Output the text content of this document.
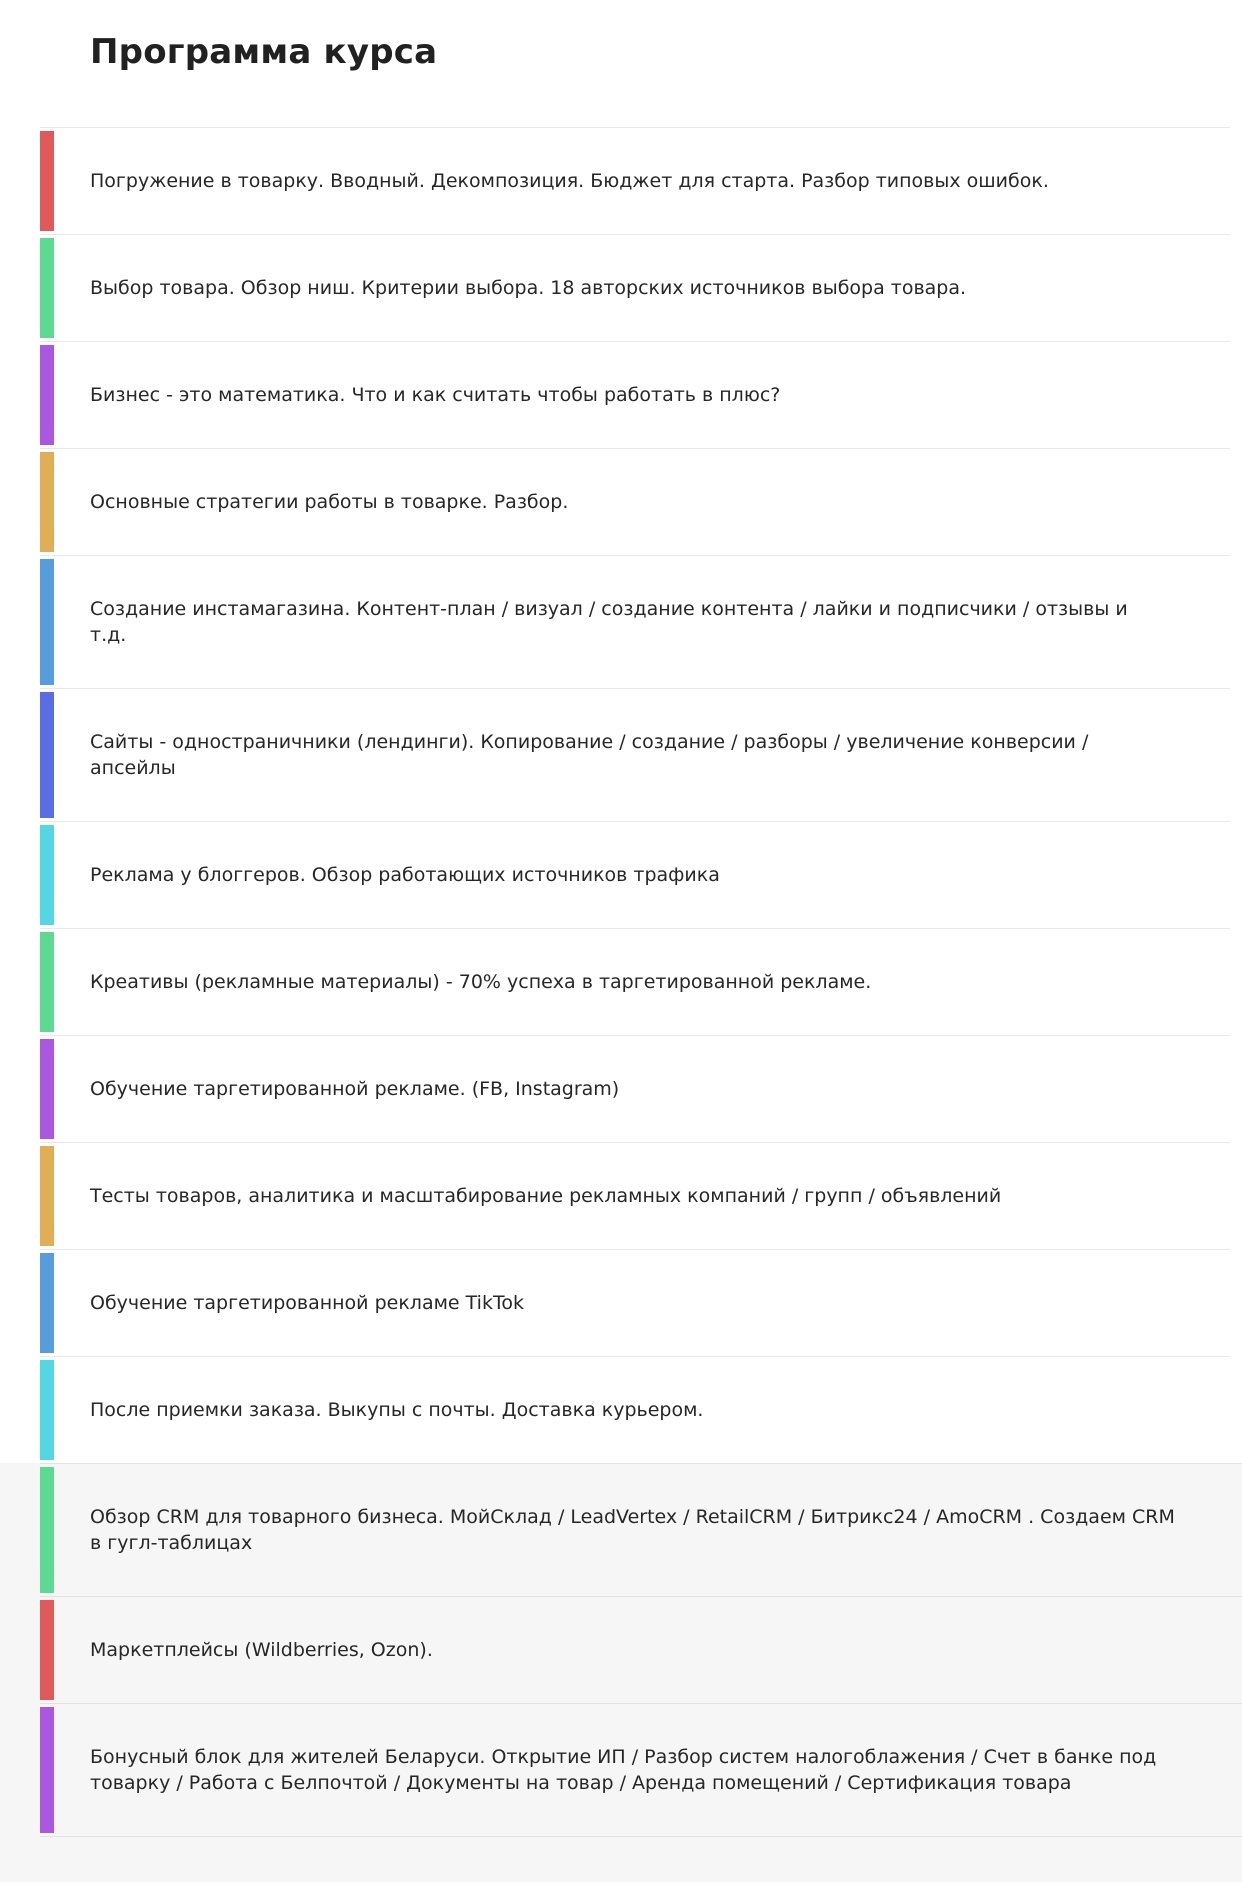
Программа курса
Погружение в товарку. Вводный. Декомпозиция. Бюджет для старта. Разбор типовых ошибок.
Выбор товара. Обзор ниш. Критерии выбора. 18 авторских источников выбора товара.
Бизнес - это математика. Что и как считать чтобы работать в плюс?
Основные стратегии работы в товарке. Разбор.
Создание инстамагазина. Контент-план / визуал / создание контента / лайки и подписчики / отзывы и т.д.
Сайты - одностраничники (лендинги). Копирование / создание / разборы / увеличение конверсии / апсейлы
Реклама у блоггеров. Обзор работающих источников трафика
Креативы (рекламные материалы) - 70% успеха в таргетированной рекламе.
Обучение таргетированной рекламе. (FB, Instagram)
Тесты товаров, аналитика и масштабирование рекламных компаний / групп / объявлений
Обучение таргетированной рекламе TikTok
После приемки заказа. Выкупы с почты. Доставка курьером.
Обзор CRM для товарного бизнеса. МойСклад / LeadVertex / RetailCRM / Битрикс24 / AmoCRM . Создаем CRM в гугл-таблицах
Маркетплейсы (Wildberries, Ozon).
Бонусный блок для жителей Беларуси. Открытие ИП / Разбор систем налогоблажения / Счет в банке под товарку / Работа с Белпочтой / Документы на товар / Аренда помещений / Сертификация товара
